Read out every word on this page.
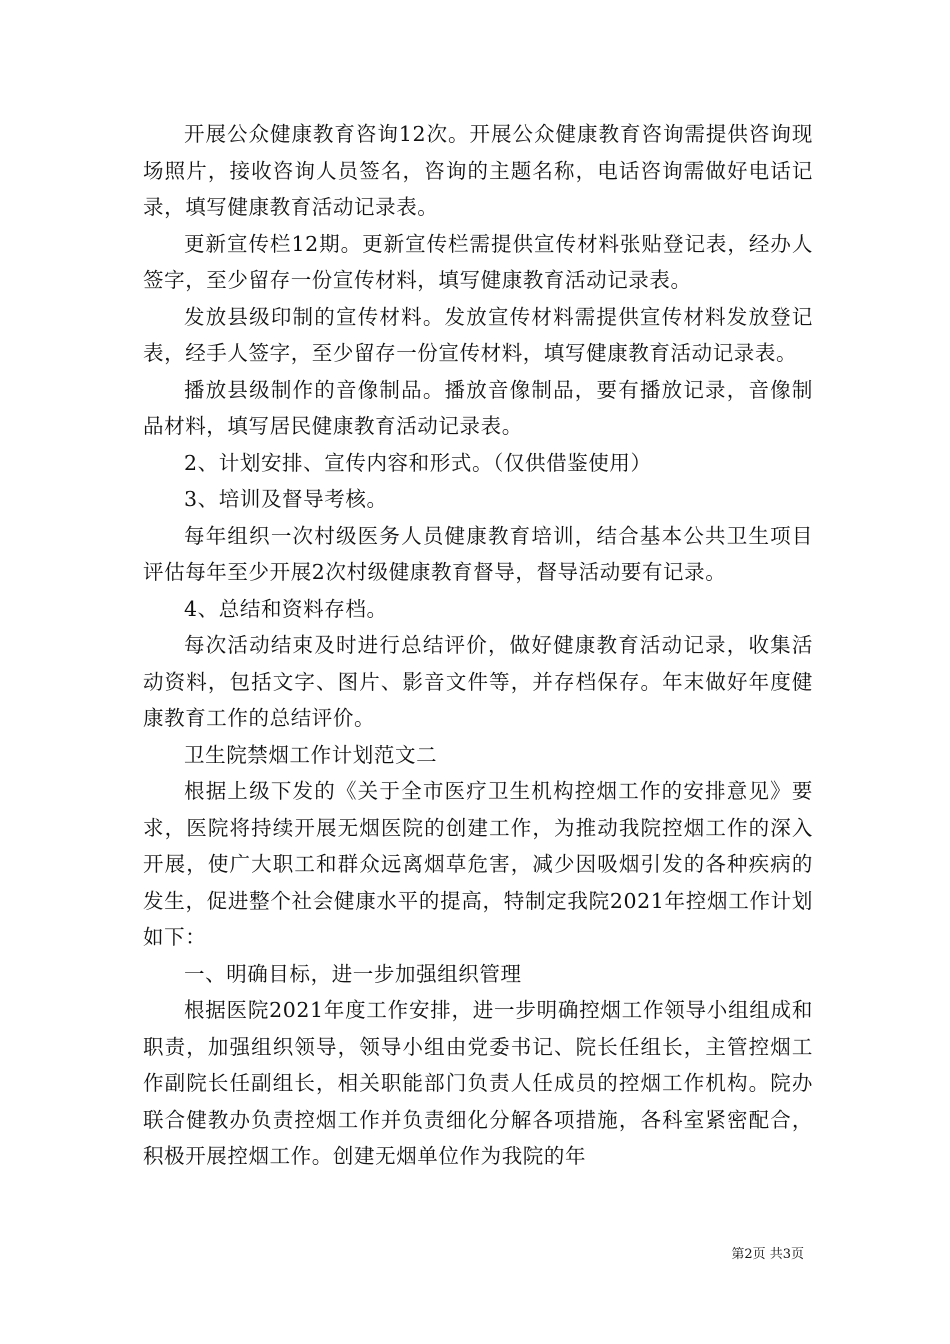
开展公众健康教育咨询12次。开展公众健康教育咨询需提供咨询现场照片，接收咨询人员签名，咨询的主题名称，电话咨询需做好电话记录，填写健康教育活动记录表。

更新宣传栏12期。更新宣传栏需提供宣传材料张贴登记表，经办人签字，至少留存一份宣传材料，填写健康教育活动记录表。

发放县级印制的宣传材料。发放宣传材料需提供宣传材料发放登记表，经手人签字，至少留存一份宣传材料，填写健康教育活动记录表。

播放县级制作的音像制品。播放音像制品，要有播放记录，音像制品材料，填写居民健康教育活动记录表。

2、计划安排、宣传内容和形式。（仅供借鉴使用）

3、培训及督导考核。

每年组织一次村级医务人员健康教育培训，结合基本公共卫生项目评估每年至少开展2次村级健康教育督导，督导活动要有记录。

4、总结和资料存档。

每次活动结束及时进行总结评价，做好健康教育活动记录，收集活动资料，包括文字、图片、影音文件等，并存档保存。年末做好年度健康教育工作的总结评价。

卫生院禁烟工作计划范文二

根据上级下发的《关于全市医疗卫生机构控烟工作的安排意见》要求，医院将持续开展无烟医院的创建工作，为推动我院控烟工作的深入开展，使广大职工和群众远离烟草危害，减少因吸烟引发的各种疾病的发生，促进整个社会健康水平的提高，特制定我院2021年控烟工作计划如下：

一、明确目标，进一步加强组织管理

根据医院2021年度工作安排，进一步明确控烟工作领导小组组成和职责，加强组织领导，领导小组由党委书记、院长任组长，主管控烟工作副院长任副组长，相关职能部门负责人任成员的控烟工作机构。院办联合健教办负责控烟工作并负责细化分解各项措施，各科室紧密配合，积极开展控烟工作。创建无烟单位作为我院的年

第2页 共3页
